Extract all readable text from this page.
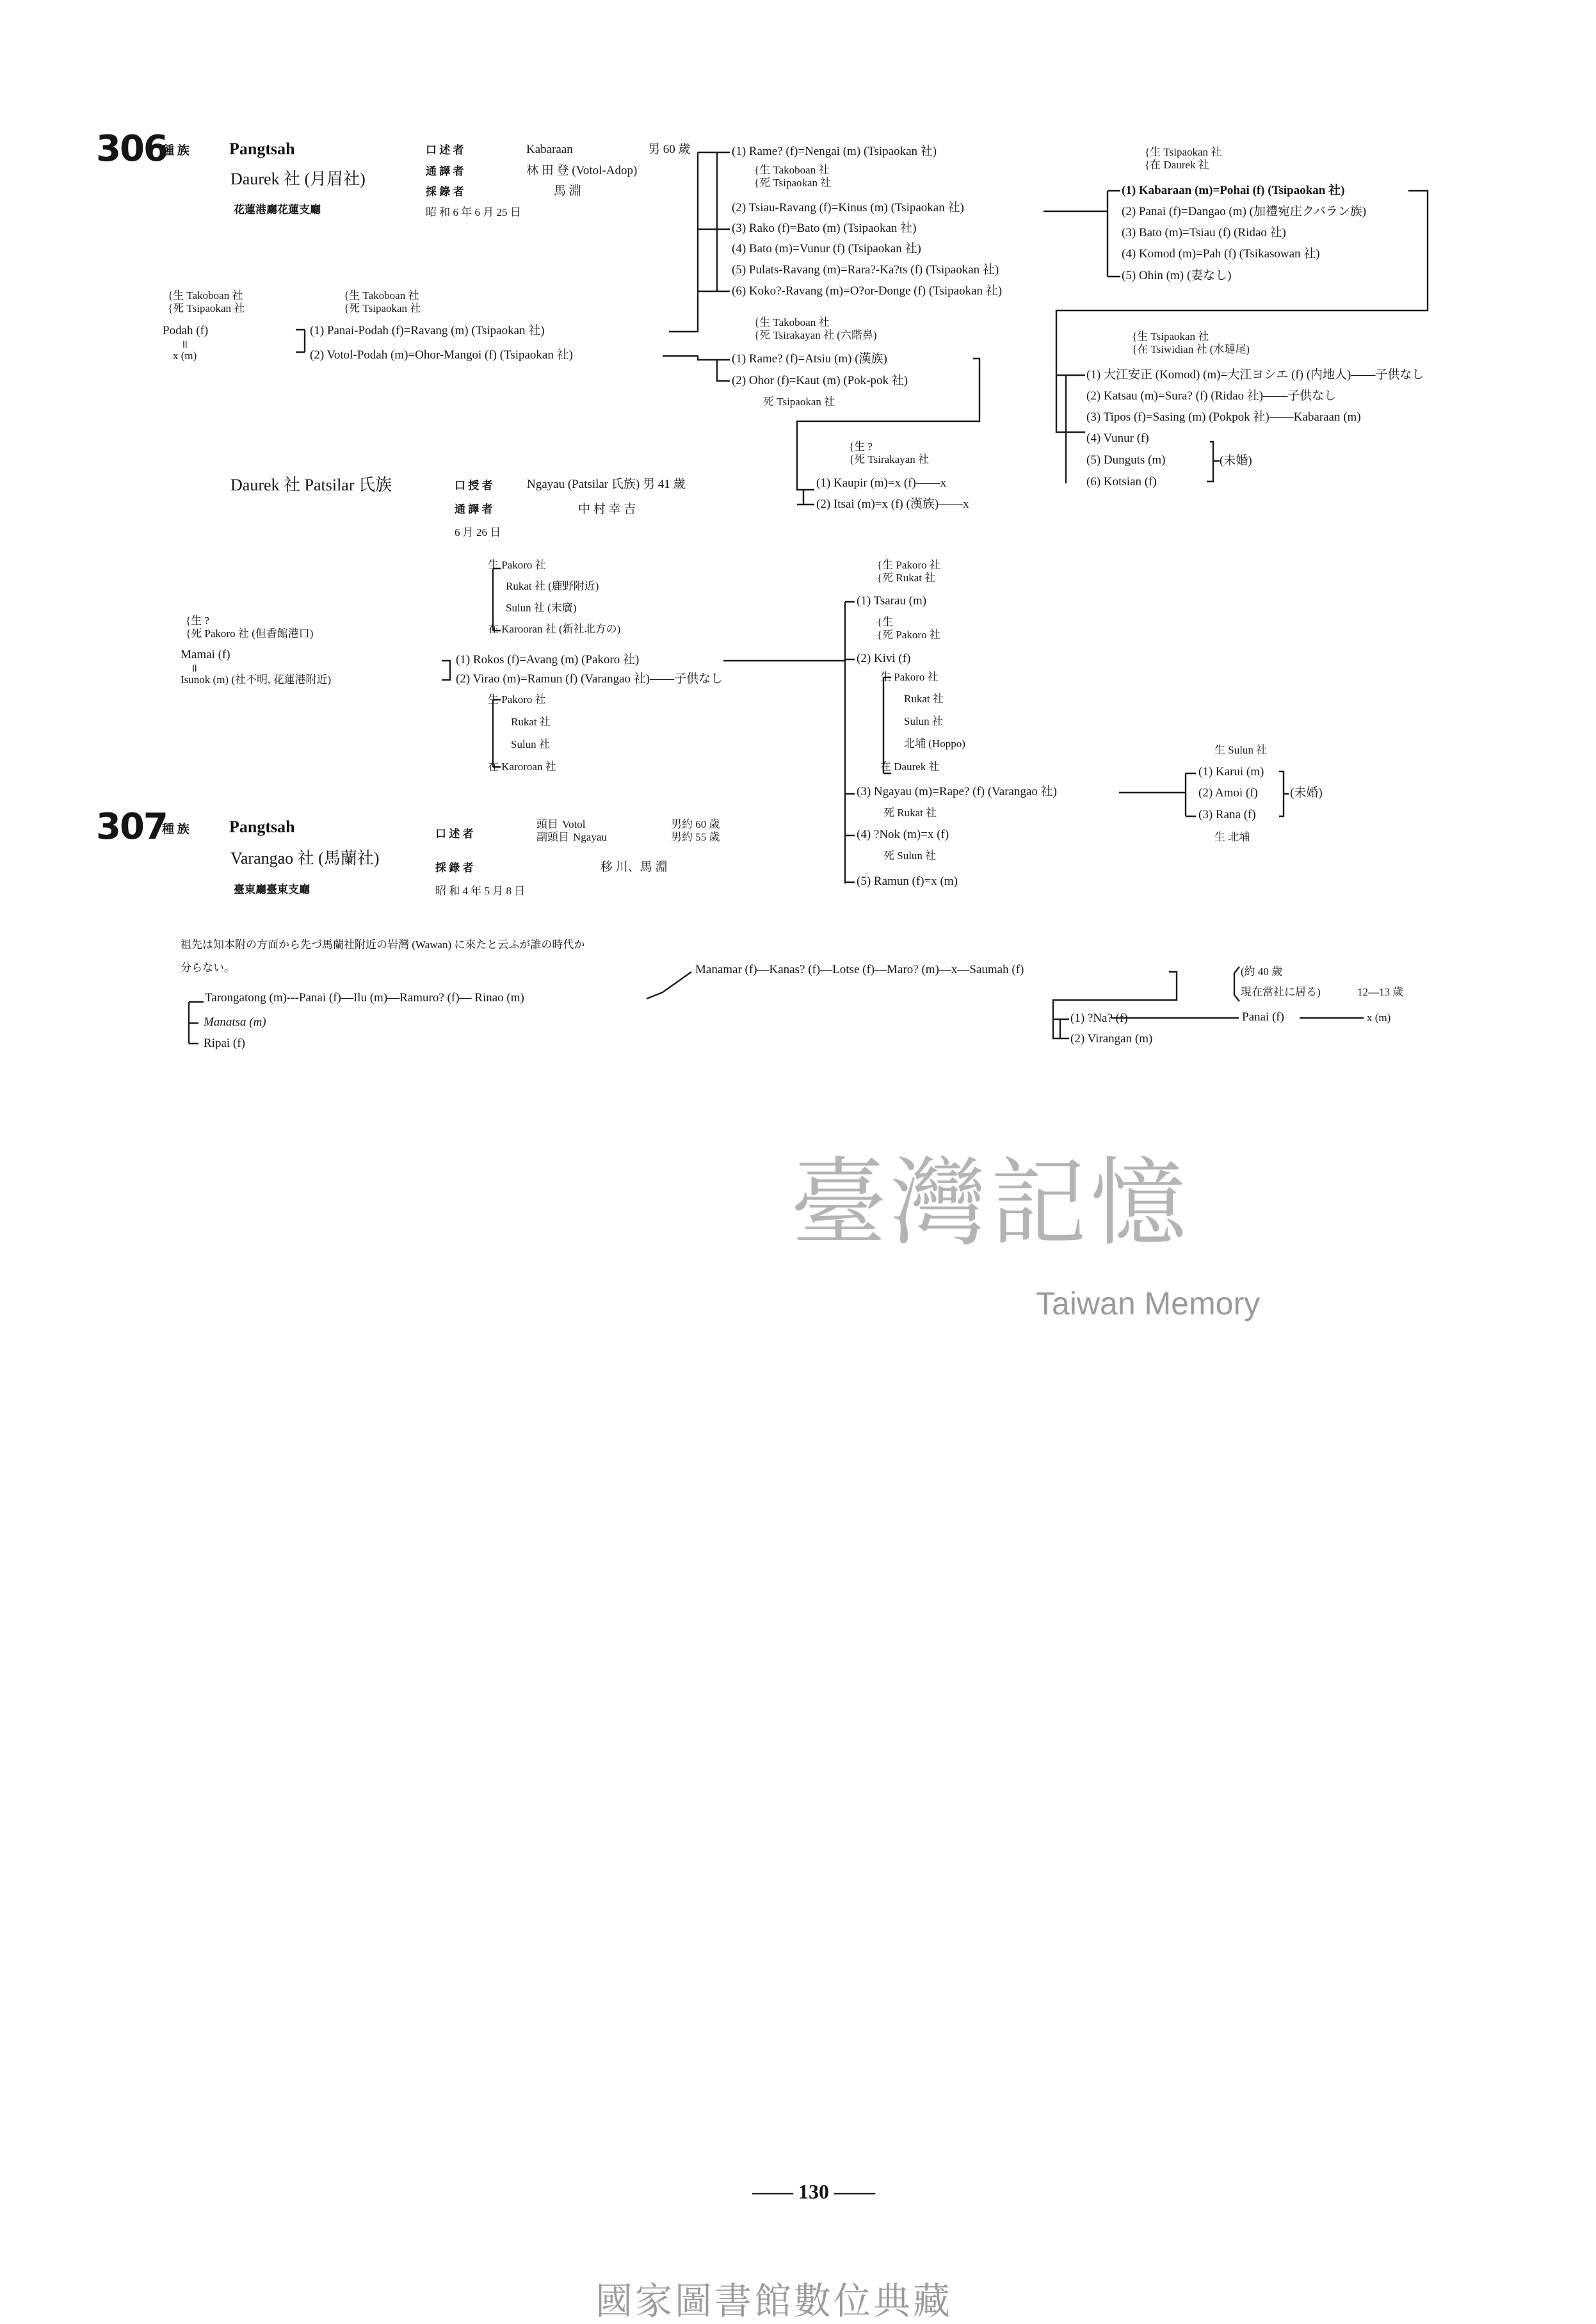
306
種 族 Pangtsah
Daurek 社 (月眉社)
花蓮港廳花蓮支廳
口 述 者	Kabaraan	男 60 歲
通 譯 者	林 田 登 (Votol-Adop)
採 錄 者	馬 淵
昭 和 6 年 6 月 25 日
{生 Takoboan 社
{死 Tsipaokan 社
Podah (f)
॥
x (m)
{生 Takoboan 社
{死 Tsipaokan 社
(1) Panai-Podah (f)=Ravang (m) (Tsipaokan 社)
(2) Votol-Podah (m)=Ohor-Mangoi (f) (Tsipaokan 社)
(1) Rame? (f)=Nengai (m) (Tsipaokan 社)
{生 Takoboan 社
{死 Tsipaokan 社
(2) Tsiau-Ravang (f)=Kinus (m) (Tsipaokan 社)
(3) Rako (f)=Bato (m) (Tsipaokan 社)
(4) Bato (m)=Vunur (f) (Tsipaokan 社)
(5) Pulats-Ravang (m)=Rara?-Ka?ts (f) (Tsipaokan 社)
(6) Koko?-Ravang (m)=O?or-Donge (f) (Tsipaokan 社)
{生 Takoboan 社
{死 Tsirakayan 社 (六階鼻)
(1) Rame? (f)=Atsiu (m) (漢族)
(2) Ohor (f)=Kaut (m) (Pok-pok 社)
死 Tsipaokan 社
{生 Tsipaokan 社
{在 Daurek 社
(1) Kabaraan (m)=Pohai (f) (Tsipaokan 社)
(2) Panai (f)=Dangao (m) (加禮宛庄クバラン族)
(3) Bato (m)=Tsiau (f) (Ridao 社)
(4) Komod (m)=Pah (f) (Tsikasowan 社)
(5) Ohin (m) (妻なし)
{生 Tsipaokan 社
{在 Tsiwidian 社 (水璉尾)
(1) 大江安正 (Komod) (m)=大江ヨシエ (f) (内地人)——子供なし
(2) Katsau (m)=Sura? (f) (Ridao 社)——子供なし
(3) Tipos (f)=Sasing (m) (Pokpok 社)——Kabaraan (m)
(4) Vunur (f)
(5) Dunguts (m)
(6) Kotsian (f)
(未婚)
{生 ?
{死 Tsirakayan 社
(1) Kaupir (m)=x (f)——x
(2) Itsai (m)=x (f) (漢族)——x
Daurek 社 Patsilar 氏族	口 授 者	Ngayau (Patsilar 氏族) 男 41 歲
通 譯 者	中 村 幸 吉
6 月 26 日
生 Pakoro 社
Rukat 社 (鹿野附近)
Sulun 社 (末廣)
在 Karooran 社 (新社北方の)
{生 ?
{死 Pakoro 社 (但香館港口)
Mamai (f)
॥
Isunok (m) (社不明, 花蓮港附近)
(1) Rokos (f)=Avang (m) (Pakoro 社)
(2) Virao (m)=Ramun (f) (Varangao 社)——子供なし
生 Pakoro 社
Rukat 社
Sulun 社
在 Karoroan 社
{生 Pakoro 社
{死 Rukat 社
(1) Tsarau (m)
{生
{死 Pakoro 社
(2) Kivi (f)
生 Pakoro 社
Rukat 社
Sulun 社
北埔 (Hoppo)
在 Daurek 社
(3) Ngayau (m)=Rape? (f) (Varangao 社)
死 Rukat 社
(4) ?Nok (m)=x (f)
死 Sulun 社
(5) Ramun (f)=x (m)
生 Sulun 社
(1) Karui (m)
(2) Amoi (f)
(3) Rana (f)
(未婚)
生 北埔
307
種 族 Pangtsah
Varangao 社 (馬蘭社)
臺東廳臺東支廳
口 述 者
頭目 Votol	男約 60 歲
副頭目 Ngayau	男約 55 歲
採 錄 者	移 川、馬 淵
昭 和 4 年 5 月 8 日
祖先は知本附の方面から先づ馬蘭社附近の岩灣 (Wawan) に來たと云ふが誰の時代か
分らない。
Tarongatong (m)---Panai (f)—Ilu (m)—Ramuro? (f)— Rinao (m)
Manatsa (m)
Ripai (f)
Manamar (f)—Kanas? (f)—Lotse (f)—Maro? (m)—x—Saumah (f)	(約 40 歲
現在當社に居る)	12—13 歲
(1) ?Na? (f)
(2) Virangan (m)
Panai (f)	x (m)
臺灣記憶
Taiwan Memory
—— 130 ——
國家圖書館數位典藏
